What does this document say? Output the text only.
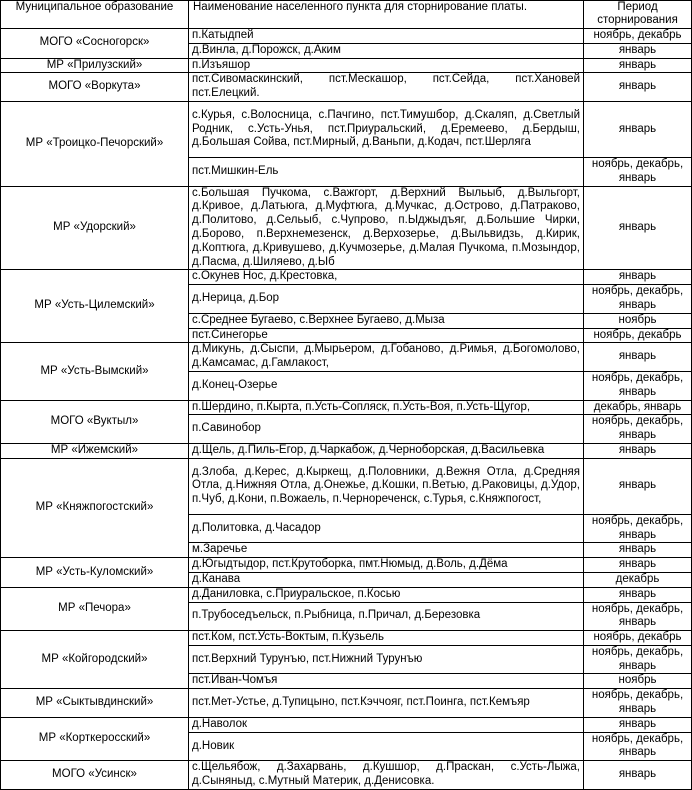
Муниципальное образование	Наименование населенного пункта для сторнирование платы.	Период сторнирования
МОГО «Сосногорск»	п.Катыдпей	ноябрь, декабрь
	д.Винла, д.Порожск, д.Аким	январь
МР «Прилузский»	п.Изъяшор	январь
МОГО «Воркута»	пст.Сивомаскинский, пст.Мескашор, пст.Сейда, пст.Хановей пст.Елецкий.	январь
МР «Троицко-Печорский»	с.Курья, с.Волосница, с.Пачгино, пст.Тимушбор, д.Скаляп, д.Светлый Родник, с.Усть-Унья, пст.Приуральский, д.Еремеево, д.Бердыш, д.Большая Сойва, пст.Мирный, д.Ваньпи, д.Кодач, пст.Шерляга	январь
	пст.Мишкин-Ель	ноябрь, декабрь, январь
МР «Удорский»	с.Большая Пучкома, с.Важгорт, д.Верхний Выльыб, д.Выльгорт, д.Кривое, д.Латьюга, д.Муфтюга, д.Мучкас, д.Острово, д.Патраково, д.Политово, д.Сельыб, с.Чупрово, п.Ыджыдъяг, д.Большие Чирки, д.Борово, п.Верхнемезенск, д.Верхозерье, д.Выльвидзь, д.Кирик, д.Коптюга, д.Кривушево, д.Кучмозерье, д.Малая Пучкома, п.Мозындор, д.Пасма, д.Шиляево, д.Ыб	январь
МР «Усть-Цилемский»	с.Окунев Нос, д.Крестовка,	январь
	д.Нерица, д.Бор	ноябрь, декабрь, январь
	с.Среднее Бугаево, с.Верхнее Бугаево, д.Мыза	ноябрь
	пст.Синегорье	ноябрь, декабрь
МР «Усть-Вымский»	д.Микунь, д.Сыспи, д.Мырьером, д.Гобаново, д.Римья, д.Богомолово, д.Камсамас, д.Гамлакост,	январь
	д.Конец-Озерье	ноябрь, декабрь, январь
МОГО «Вуктыл»	п.Шердино, п.Кырта, п.Усть-Сопляск, п.Усть-Воя, п.Усть-Щугор,	декабрь, январь
	п.Савинобор	ноябрь, декабрь, январь
МР «Ижемский»	д.Щель, д.Пиль-Егор, д.Чаркабож, д.Черноборская, д.Васильевка	январь
МР «Княжпогостский»	д.Злоба, д.Керес, д.Кыркещ, д.Половники, д.Вежня Отла, д.Средняя Отла, д.Нижняя Отла, д.Онежье, д.Кошки, п.Ветью, д.Раковицы, д.Удор, п.Чуб, д.Кони, п.Вожаель, п.Чернореченск, с.Турья, с.Княжпогост,	январь
	д.Политовка, д.Часадор	ноябрь, декабрь, январь
	м.Заречье	январь
МР «Усть-Куломский»	д.Югыдтыдор, пст.Крутоборка, пмт.Нюмыд, д.Воль, д.Дёма	январь
	д.Канава	декабрь
МР «Печора»	д.Даниловка, с.Приуральское, п.Косью	январь
	п.Трубоседъельск, п.Рыбница, п.Причал, д.Березовка	ноябрь, декабрь, январь
МР «Койгородский»	пст.Ком, пст.Усть-Воктым, п.Кузьель	ноябрь, декабрь
	пст.Верхний Турунъю, пст.Нижний Турунъю	ноябрь, декабрь, январь
	пст.Иван-Чомъя	ноябрь
МР «Сыктывдинский»	пст.Мет-Устье, д.Тупицыно, пст.Кэччояг, пст.Поинга, пст.Кемъяр	ноябрь, декабрь, январь
МР «Корткеросский»	д.Наволок	январь
	д.Новик	ноябрь, декабрь, январь
МОГО «Усинск»	с.Щельябож, д.Захарвань, д.Кушшор, д.Праскан, с.Усть-Лыжа, д.Сыняныд, с.Мутный Материк, д.Денисовка.	январь
